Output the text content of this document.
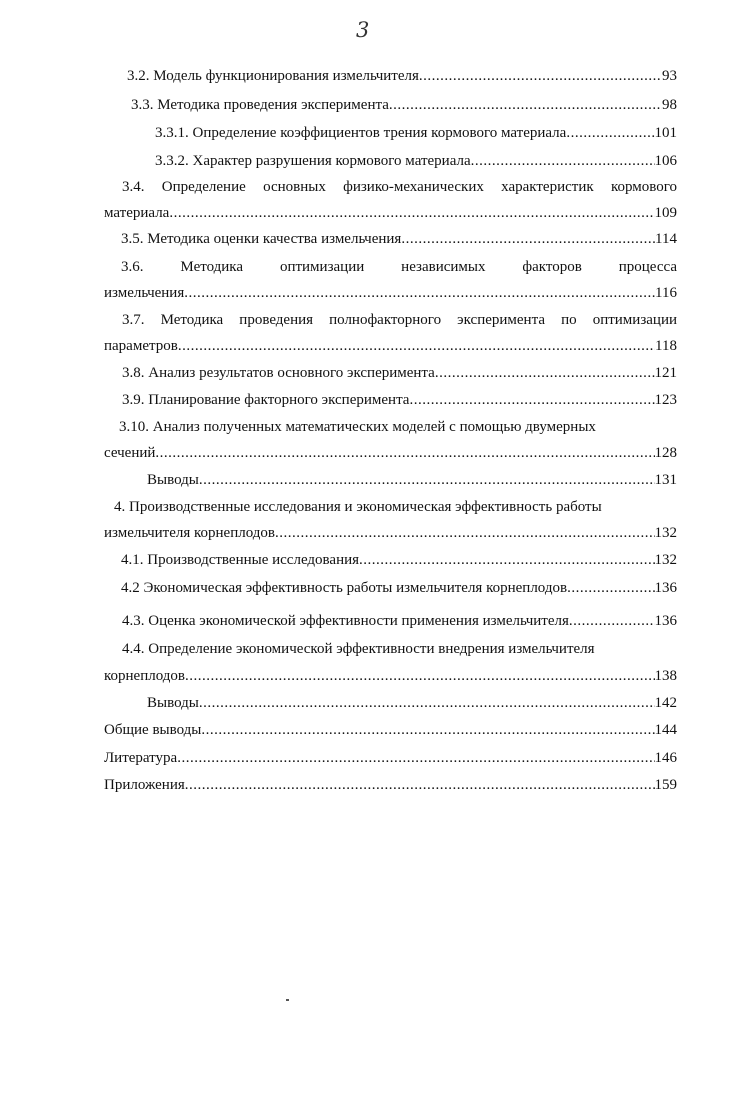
3
3.2. Модель функционирования измельчителя .....	93
3.3. Методика проведения эксперимента .....	98
3.3.1. Определение коэффициентов трения кормового материала .....	101
3.3.2. Характер разрушения кормового материала .....	106
3.4. Определение основных физико-механических характеристик кормового
материала .....	109
3.5. Методика оценки качества измельчения .....	114
3.6. Методика оптимизации независимых факторов процесса
измельчения .....	116
3.7. Методика проведения полнофакторного эксперимента по оптимизации
параметров .....	118
3.8. Анализ результатов основного эксперимента .....	121
3.9. Планирование факторного эксперимента .....	123
3.10. Анализ полученных математических моделей с помощью двумерных
сечений .....	128
Выводы .....	131
4. Производственные исследования и экономическая эффективность работы
измельчителя корнеплодов .....	132
4.1. Производственные исследования .....	132
4.2 Экономическая эффективность работы измельчителя корнеплодов .....	136
4.3. Оценка экономической эффективности применения измельчителя .....	136
4.4. Определение экономической эффективности внедрения измельчителя
корнеплодов .....	138
Выводы .....	142
Общие выводы .....	144
Литература .....	146
Приложения .....	159
